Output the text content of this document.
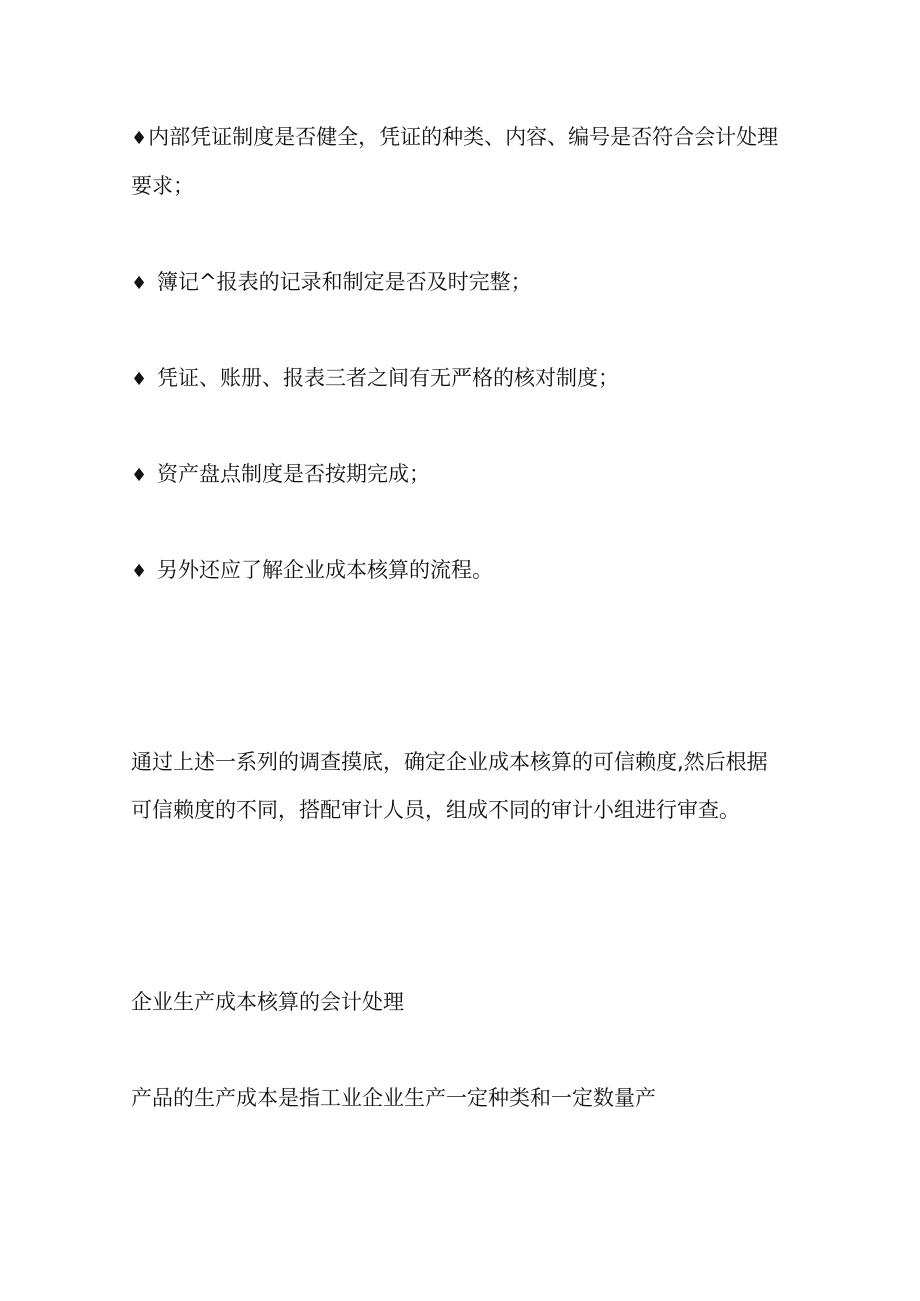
♦内部凭证制度是否健全，凭证的种类、内容、编号是否符合会计处理
要求；
♦ 簿记^报表的记录和制定是否及时完整；
♦ 凭证、账册、报表三者之间有无严格的核对制度；
♦ 资产盘点制度是否按期完成；
♦ 另外还应了解企业成本核算的流程。
通过上述一系列的调查摸底，确定企业成本核算的可信赖度,然后根据
可信赖度的不同，搭配审计人员，组成不同的审计小组进行审查。
企业生产成本核算的会计处理
产品的生产成本是指工业企业生产一定种类和一定数量产
